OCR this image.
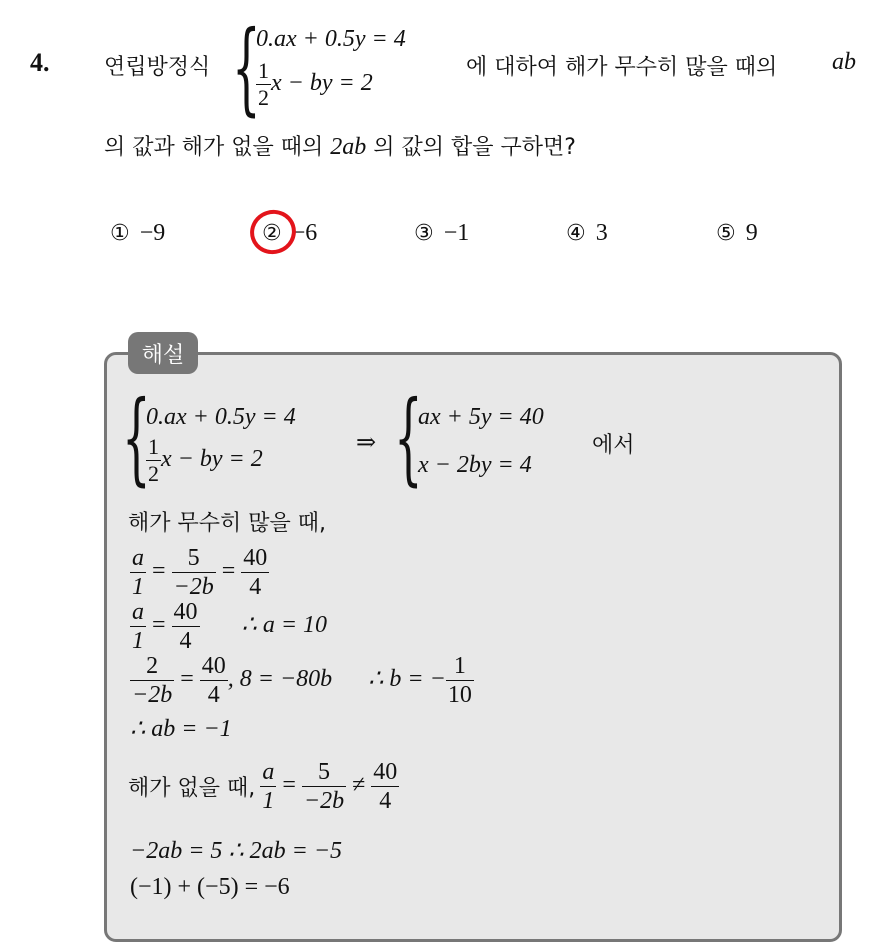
4. 연립방정식 {
0.ax + 0.5y = 4
$\frac{1}{2}$ x − by = 2
에 대하여 해가 무수히 많을 때의 ab
의 값과 해가 없을 때의 2ab 의 값의 합을 구하면?
① −9	② −6	③ −1	④ 3	⑤ 9
해설
{
0.ax + 0.5y = 4
$\frac{1}{2}$ x − by = 2
⇒ {
ax + 5y = 40
x − 2by = 4
에서
해가 무수히 많을 때,
$\frac{a}{1} = \frac{5}{-2b} = \frac{40}{4}$
$\frac{a}{1} = \frac{40}{4}$ ∴ a = 10
$\frac{2}{-2b} = \frac{40}{4}$ , 8 = −80b ∴ b = − $\frac{1}{10}$
∴ ab = −1
해가 없을 때, $\frac{a}{1} = \frac{5}{-2b} \ne \frac{40}{4}$
−2ab = 5 ∴ 2ab = −5
(−1) + (−5) = −6
